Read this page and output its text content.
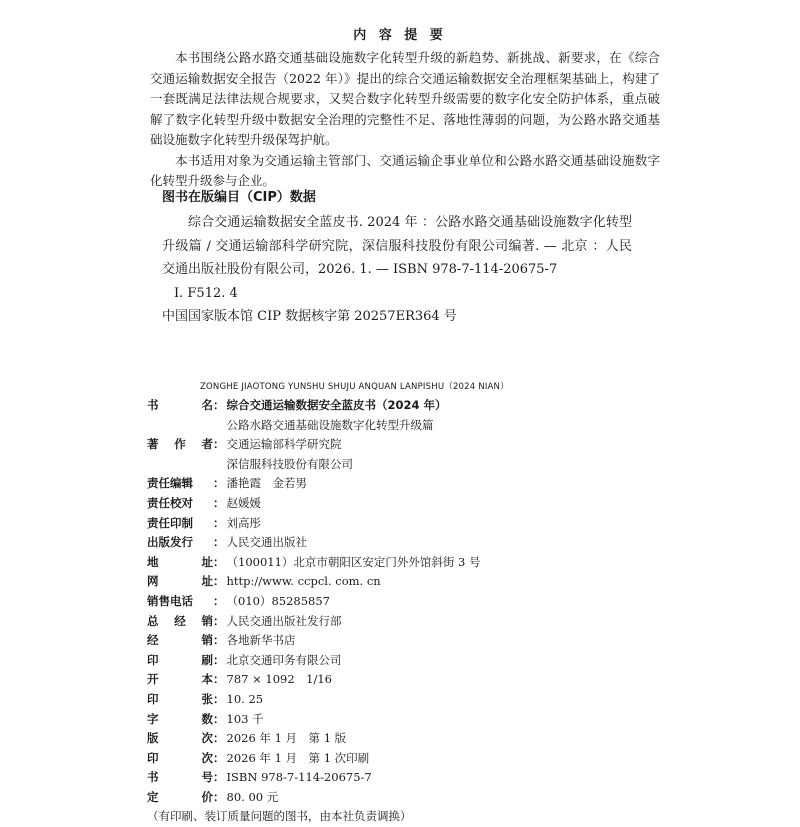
内 容 提 要

本书围绕公路水路交通基础设施数字化转型升级的新趋势、新挑战、新要求，在《综合交通运输数据安全报告（2022 年）》提出的综合交通运输数据安全治理框架基础上，构建了一套既满足法律法规合规要求，又契合数字化转型升级需要的数字化安全防护体系，重点破解了数字化转型升级中数据安全治理的完整性不足、落地性薄弱的问题，为公路水路交通基础设施数字化转型升级保驾护航。

本书适用对象为交通运输主管部门、交通运输企事业单位和公路水路交通基础设施数字化转型升级参与企业。

图书在版编目（CIP）数据

综合交通运输数据安全蓝皮书. 2024 年 ：公路水路交通基础设施数字化转型升级篇 / 交通运输部科学研究院，深信服科技股份有限公司编著. — 北京 ：人民交通出版社股份有限公司，2026. 1. — ISBN 978-7-114-20675-7

Ⅰ. F512. 4

中国国家版本馆 CIP 数据核字第 20257ER364 号

ZONGHE JIAOTONG YUNSHU SHUJU ANQUAN LANPISHU（2024 NIAN）
书	名 ： 综合交通运输数据安全蓝皮书（2024 年）

公路水路交通基础设施数字化转型升级篇
著 作 者 ： 交通运输部科学研究院

深信服科技股份有限公司
责任编辑 ： 潘艳霞　金若男
责任校对 ： 赵媛媛
责任印制 ： 刘高彤
出版发行 ： 人民交通出版社
地	址 ： （100011）北京市朝阳区安定门外外馆斜街 3 号
网	址 ： http://www. ccpcl. com. cn
销售电话 ： （010）85285857
总 经 销 ： 人民交通出版社发行部
经	销 ： 各地新华书店
印	刷 ： 北京交通印务有限公司
开	本 ： 787 × 1092　1/16
印	张 ： 10. 25
字	数 ： 103 千
版	次 ： 2026 年 1 月　第 1 版
印	次 ： 2026 年 1 月　第 1 次印刷
书	号 ： ISBN 978-7-114-20675-7
定	价 ： 80. 00 元
（有印刷、装订质量问题的图书，由本社负责调换）
